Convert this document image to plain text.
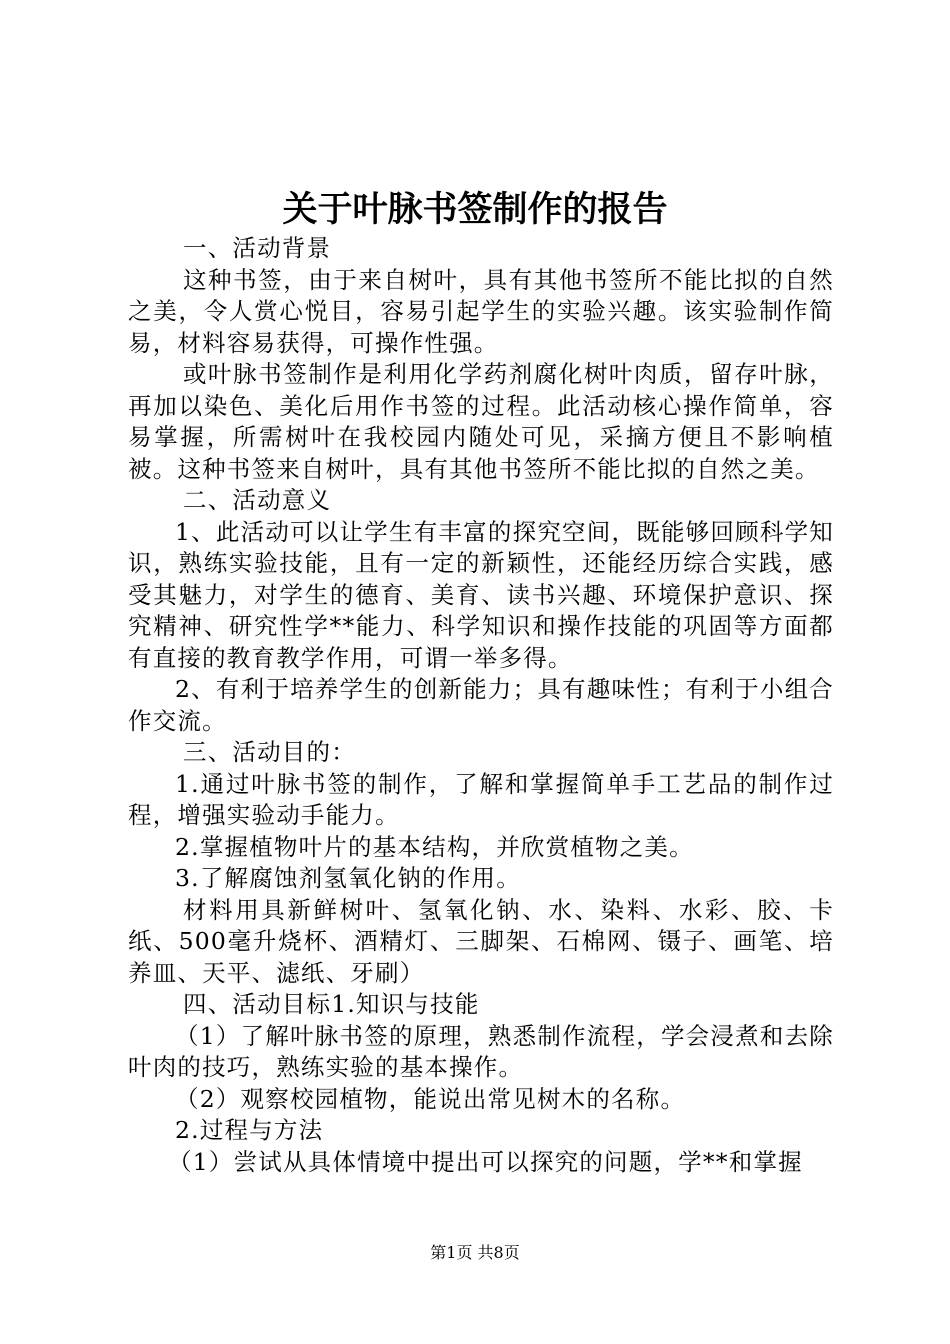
关于叶脉书签制作的报告

一、活动背景

这种书签，由于来自树叶，具有其他书签所不能比拟的自然之美，令人赏心悦目，容易引起学生的实验兴趣。该实验制作简易，材料容易获得，可操作性强。

或叶脉书签制作是利用化学药剂腐化树叶肉质，留存叶脉，再加以染色、美化后用作书签的过程。此活动核心操作简单，容易掌握，所需树叶在我校园内随处可见，采摘方便且不影响植被。这种书签来自树叶，具有其他书签所不能比拟的自然之美。

二、活动意义

1、此活动可以让学生有丰富的探究空间，既能够回顾科学知识，熟练实验技能，且有一定的新颖性，还能经历综合实践，感受其魅力，对学生的德育、美育、读书兴趣、环境保护意识、探究精神、研究性学**能力、科学知识和操作技能的巩固等方面都有直接的教育教学作用，可谓一举多得。

2、有利于培养学生的创新能力；具有趣味性；有利于小组合作交流。

三、活动目的：

1.通过叶脉书签的制作，了解和掌握简单手工艺品的制作过程，增强实验动手能力。

2.掌握植物叶片的基本结构，并欣赏植物之美。

3.了解腐蚀剂氢氧化钠的作用。

材料用具新鲜树叶、氢氧化钠、水、染料、水彩、胶、卡纸、500毫升烧杯、酒精灯、三脚架、石棉网、镊子、画笔、培养皿、天平、滤纸、牙刷）

四、活动目标1.知识与技能

（1）了解叶脉书签的原理，熟悉制作流程，学会浸煮和去除叶肉的技巧，熟练实验的基本操作。

（2）观察校园植物，能说出常见树木的名称。

2.过程与方法

（1）尝试从具体情境中提出可以探究的问题，学**和掌握

第1页 共8页
